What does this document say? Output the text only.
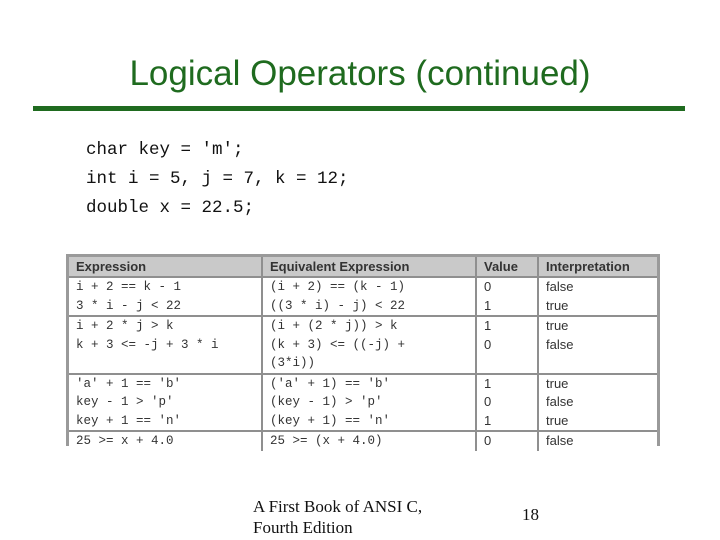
Logical Operators (continued)
char key = 'm';
int i = 5, j = 7, k = 12;
double x = 22.5;
Expression	Equivalent Expression	Value	Interpretation
i + 2 == k - 1	(i + 2) == (k - 1)	0	false
3 * i - j < 22	((3 * i) - j) < 22	1	true
i + 2 * j > k	(i + (2 * j)) > k	1	true
k + 3 <= -j + 3 * i	(k + 3) <= ((-j) +
(3*i))	0	false
'a' + 1 == 'b'	('a' + 1) == 'b'	1	true
key - 1 > 'p'	(key - 1) > 'p'	0	false
key + 1 == 'n'	(key + 1) == 'n'	1	true
25 >= x + 4.0	25 >= (x + 4.0)	0	false
A First Book of ANSI C,
Fourth Edition
18
